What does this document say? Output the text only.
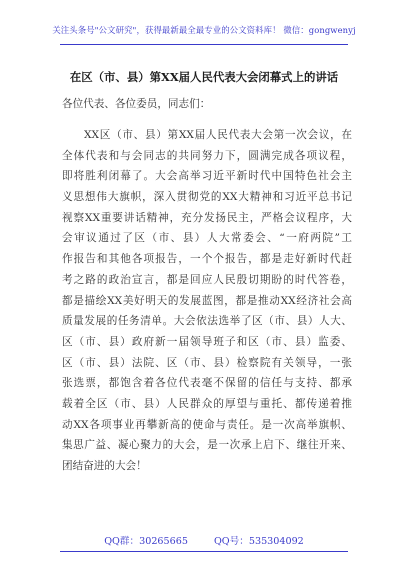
关注头条号"公文研究"，获得最新最全最专业的公文资料库！ 微信：gongwenyj
在区（市、县）第XX届人民代表大会闭幕式上的讲话
各位代表、各位委员，同志们：
XX区（市、县）第XX届人民代表大会第一次会议，在
全体代表和与会同志的共同努力下，圆满完成各项议程，
即将胜利闭幕了。大会高举习近平新时代中国特色社会主
义思想伟大旗帜，深入贯彻党的XX大精神和习近平总书记
视察XX重要讲话精神，充分发扬民主，严格会议程序，大
会审议通过了区（市、县）人大常委会、“一府两院”工
作报告和其他各项报告，一个个报告，都是走好新时代赶
考之路的政治宣言，都是回应人民殷切期盼的时代答卷，
都是描绘XX美好明天的发展蓝图，都是推动XX经济社会高
质量发展的任务清单。大会依法选举了区（市、县）人大、
区（市、县）政府新一届领导班子和区（市、县）监委、
区（市、县）法院、区（市、县）检察院有关领导，一张
张选票，都饱含着各位代表毫不保留的信任与支持、都承
载着全区（市、县）人民群众的厚望与重托、都传递着推
动XX各项事业再攀新高的使命与责任。是一次高举旗帜、
集思广益、凝心聚力的大会，是一次承上启下、继往开来、
团结奋进的大会！
QQ群：30265665	QQ号：535304092
